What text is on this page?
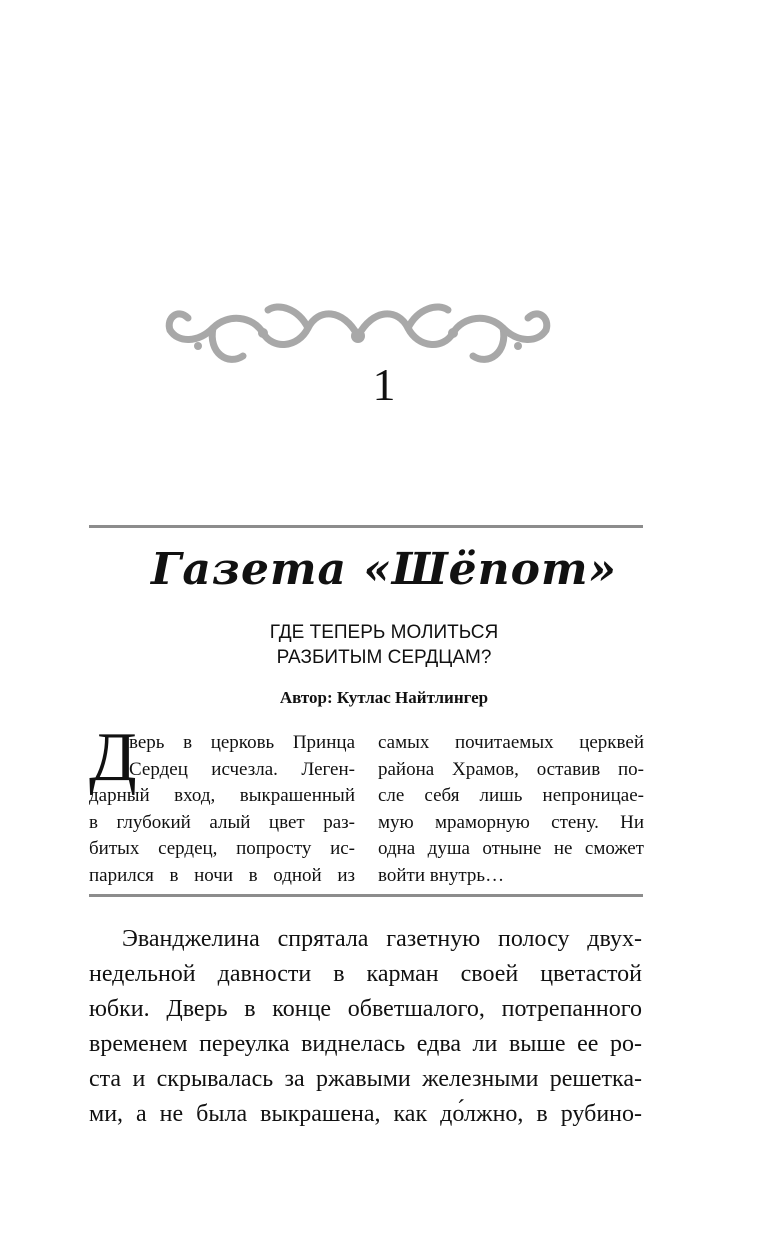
1
Газета «Шёпот»
ГДЕ ТЕПЕРЬ МОЛИТЬСЯ
РАЗБИТЫМ СЕРДЦАМ?
Автор: Кутлас Найтлингер
Д
верь в церковь Принца
Сердец исчезла. Леген-
дарный вход, выкрашенный
в глубокий алый цвет раз-
битых сердец, попросту ис-
парился в ночи в одной из
самых почитаемых церквей
района Храмов, оставив по-
сле себя лишь непроницае-
мую мраморную стену. Ни
одна душа отныне не сможет
войти внутрь…
Эванджелина спрятала газетную полосу двух-
недельной давности в карман своей цветастой
юбки. Дверь в конце обветшалого, потрепанного
временем переулка виднелась едва ли выше ее ро-
ста и скрывалась за ржавыми железными решетка-
ми, а не была выкрашена, как до́лжно, в рубино-
